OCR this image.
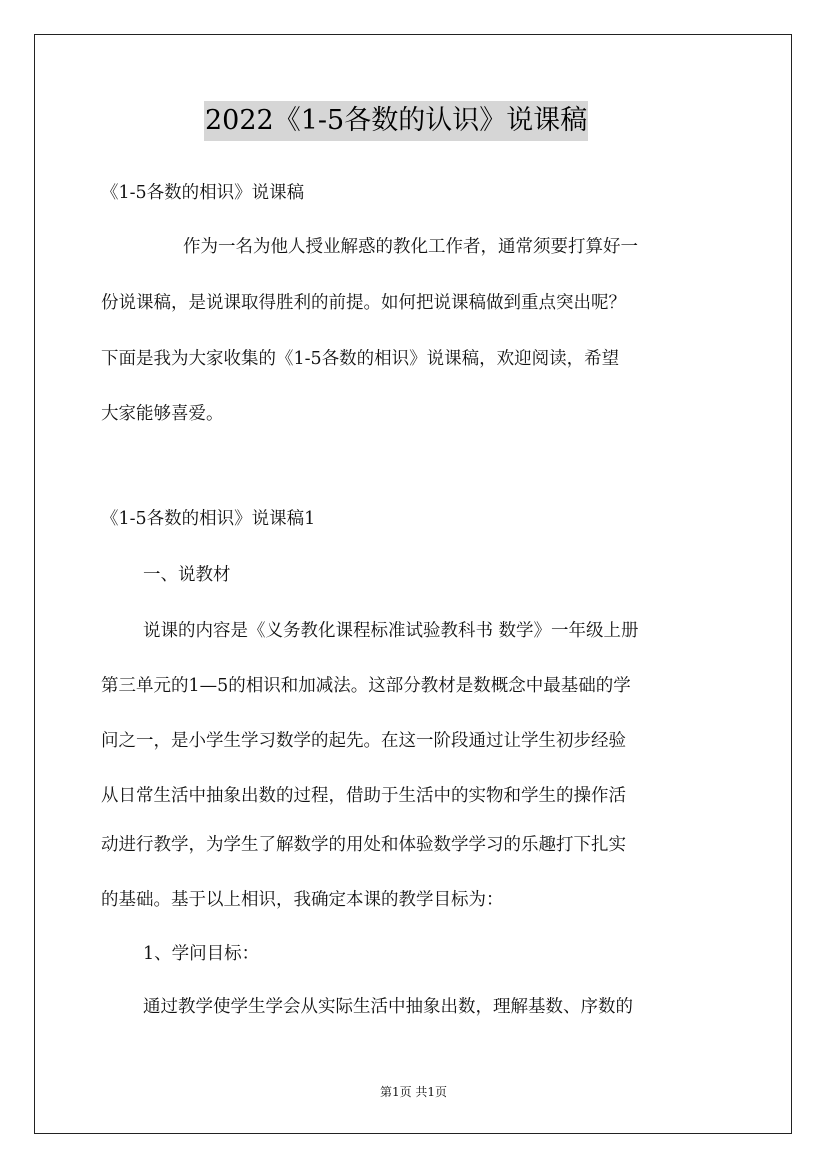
2022《1-5各数的认识》说课稿
《1-5各数的相识》说课稿
作为一名为他人授业解惑的教化工作者，通常须要打算好一
份说课稿，是说课取得胜利的前提。如何把说课稿做到重点突出呢？
下面是我为大家收集的《1-5各数的相识》说课稿，欢迎阅读，希望
大家能够喜爱。
《1-5各数的相识》说课稿1
一、说教材
说课的内容是《义务教化课程标准试验教科书 数学》一年级上册
第三单元的1—5的相识和加减法。这部分教材是数概念中最基础的学
问之一，是小学生学习数学的起先。在这一阶段通过让学生初步经验
从日常生活中抽象出数的过程，借助于生活中的实物和学生的操作活
动进行教学，为学生了解数学的用处和体验数学学习的乐趣打下扎实
的基础。基于以上相识，我确定本课的教学目标为：
1、学问目标：
通过教学使学生学会从实际生活中抽象出数，理解基数、序数的
第1页 共1页
